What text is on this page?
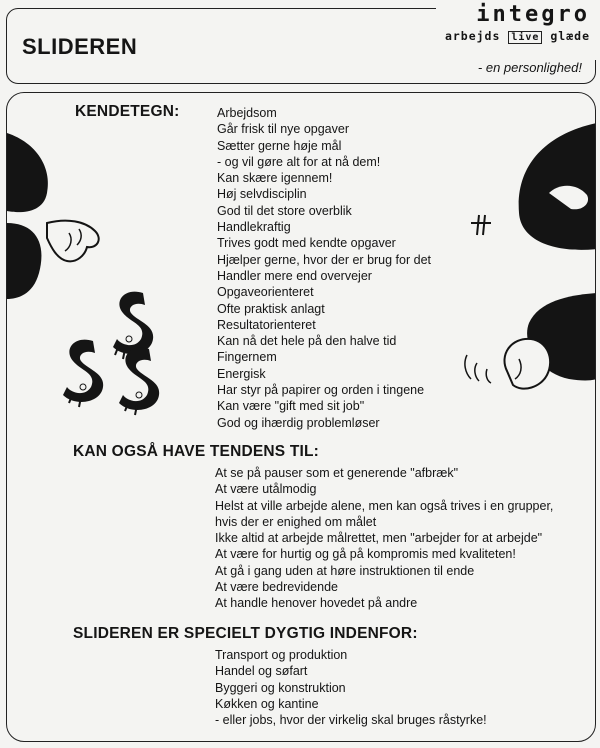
SLIDEREN
integro
arbejds live glæde
- en personlighed!
KENDETEGN:	Arbejdsom
Går frisk til nye opgaver
Sætter gerne høje mål
- og vil gøre alt for at nå dem!
Kan skære igennem!
Høj selvdisciplin
God til det store overblik
Handlekraftig
Trives godt med kendte opgaver
Hjælper gerne, hvor der er brug for det
Handler mere end overvejer
Opgaveorienteret
Ofte praktisk anlagt
Resultatorienteret
Kan nå det hele på den halve tid
Fingernem
Energisk
Har styr på papirer og orden i tingene
Kan være "gift med sit job"
God og ihærdig problemløser
KAN OGSÅ HAVE TENDENS TIL:
At se på pauser som et generende "afbræk"
At være utålmodig
Helst at ville arbejde alene, men kan også trives i en grupper,
hvis der er enighed om målet
Ikke altid at arbejde målrettet, men "arbejder for at arbejde"
At være for hurtig og gå på kompromis med kvaliteten!
At gå i gang uden at høre instruktionen til ende
At være bedrevidende
At handle henover hovedet på andre
SLIDEREN ER SPECIELT DYGTIG INDENFOR:
Transport og produktion
Handel og søfart
Byggeri og konstruktion
Køkken og kantine
- eller jobs, hvor der virkelig skal bruges råstyrke!
